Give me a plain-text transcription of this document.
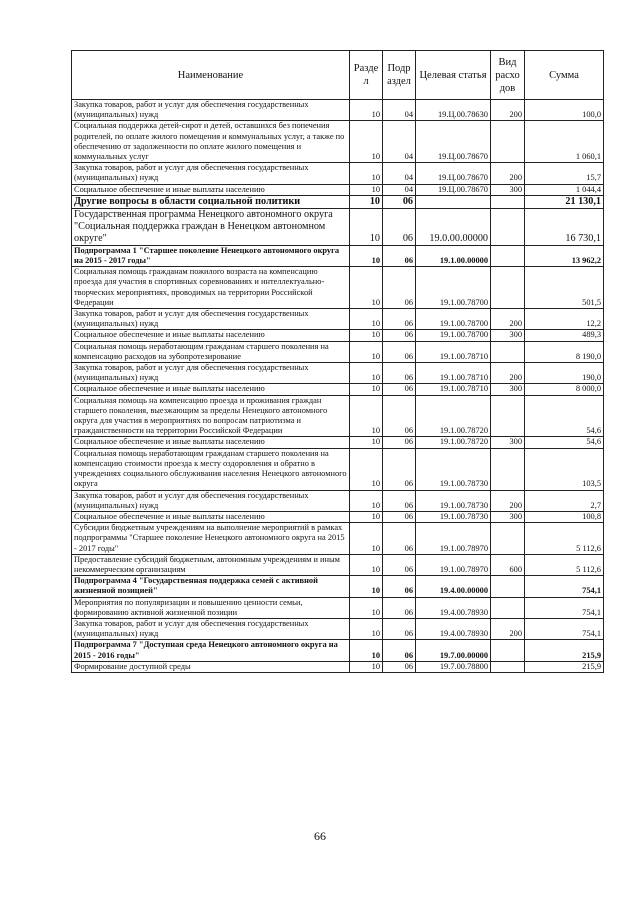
Наименование	Разде л	Подр аздел	Целевая статья	Вид расхо дов	Сумма
Закупка товаров, работ и услуг для обеспечения государственных (муниципальных) нужд	10	04	19.Ц.00.78630	200	100,0
Социальная поддержка детей-сирот и детей, оставшихся без попечения родителей, по оплате жилого помещения и коммунальных услуг, а также по обеспечению от задолженности по оплате жилого помещения и коммунальных услуг	10	04	19.Ц.00.78670		1 060,1
Закупка товаров, работ и услуг для обеспечения государственных (муниципальных) нужд	10	04	19.Ц.00.78670	200	15,7
Социальное обеспечение и иные выплаты населению	10	04	19.Ц.00.78670	300	1 044,4
Другие вопросы в области социальной политики	10	06			21 130,1
Государственная программа Ненецкого автономного округа "Социальная поддержка граждан в Ненецком автономном округе"	10	06	19.0.00.00000		16 730,1
Подпрограмма 1 "Старшее поколение Ненецкого автономного округа на 2015 - 2017 годы"	10	06	19.1.00.00000		13 962,2
Социальная помощь гражданам пожилого возраста на компенсацию проезда для участия в спортивных соревнованиях и интеллектуально-творческих мероприятиях, проводимых на территории Российской Федерации	10	06	19.1.00.78700		501,5
Закупка товаров, работ и услуг для обеспечения государственных (муниципальных) нужд	10	06	19.1.00.78700	200	12,2
Социальное обеспечение и иные выплаты населению	10	06	19.1.00.78700	300	489,3
Социальная помощь неработающим гражданам старшего поколения на компенсацию расходов на зубопротезирование	10	06	19.1.00.78710		8 190,0
Закупка товаров, работ и услуг для обеспечения государственных (муниципальных) нужд	10	06	19.1.00.78710	200	190,0
Социальное обеспечение и иные выплаты населению	10	06	19.1.00.78710	300	8 000,0
Социальная помощь на компенсацию проезда и проживания граждан старшего поколения, выезжающим за пределы Ненецкого автономного округа для участия в мероприятиях по вопросам патриотизма и гражданственности на территории Российской Федерации	10	06	19.1.00.78720		54,6
Социальное обеспечение и иные выплаты населению	10	06	19.1.00.78720	300	54,6
Социальная помощь неработающим гражданам старшего поколения на компенсацию стоимости проезда к месту оздоровления и обратно в учреждениях социального обслуживания населения Ненецкого автономного округа	10	06	19.1.00.78730		103,5
Закупка товаров, работ и услуг для обеспечения государственных (муниципальных) нужд	10	06	19.1.00.78730	200	2,7
Социальное обеспечение и иные выплаты населению	10	06	19.1.00.78730	300	100,8
Субсидии бюджетным учреждениям на выполнение мероприятий в рамках подпрограммы "Старшее поколение Ненецкого автономного округа на 2015 - 2017 годы"	10	06	19.1.00.78970		5 112,6
Предоставление субсидий бюджетным, автономным учреждениям и иным некоммерческим организациям	10	06	19.1.00.78970	600	5 112,6
Подпрограмма 4 "Государственная поддержка семей с активной жизненной позицией"	10	06	19.4.00.00000		754,1
Мероприятия по популяризации и повышению ценности семьи, формированию активной жизненной позиции	10	06	19.4.00.78930		754,1
Закупка товаров, работ и услуг для обеспечения государственных (муниципальных) нужд	10	06	19.4.00.78930	200	754,1
Подпрограмма 7 "Доступная среда Ненецкого автономного округа на 2015 - 2016 годы"	10	06	19.7.00.00000		215,9
Формирование доступной среды	10	06	19.7.00.78800		215,9
66
